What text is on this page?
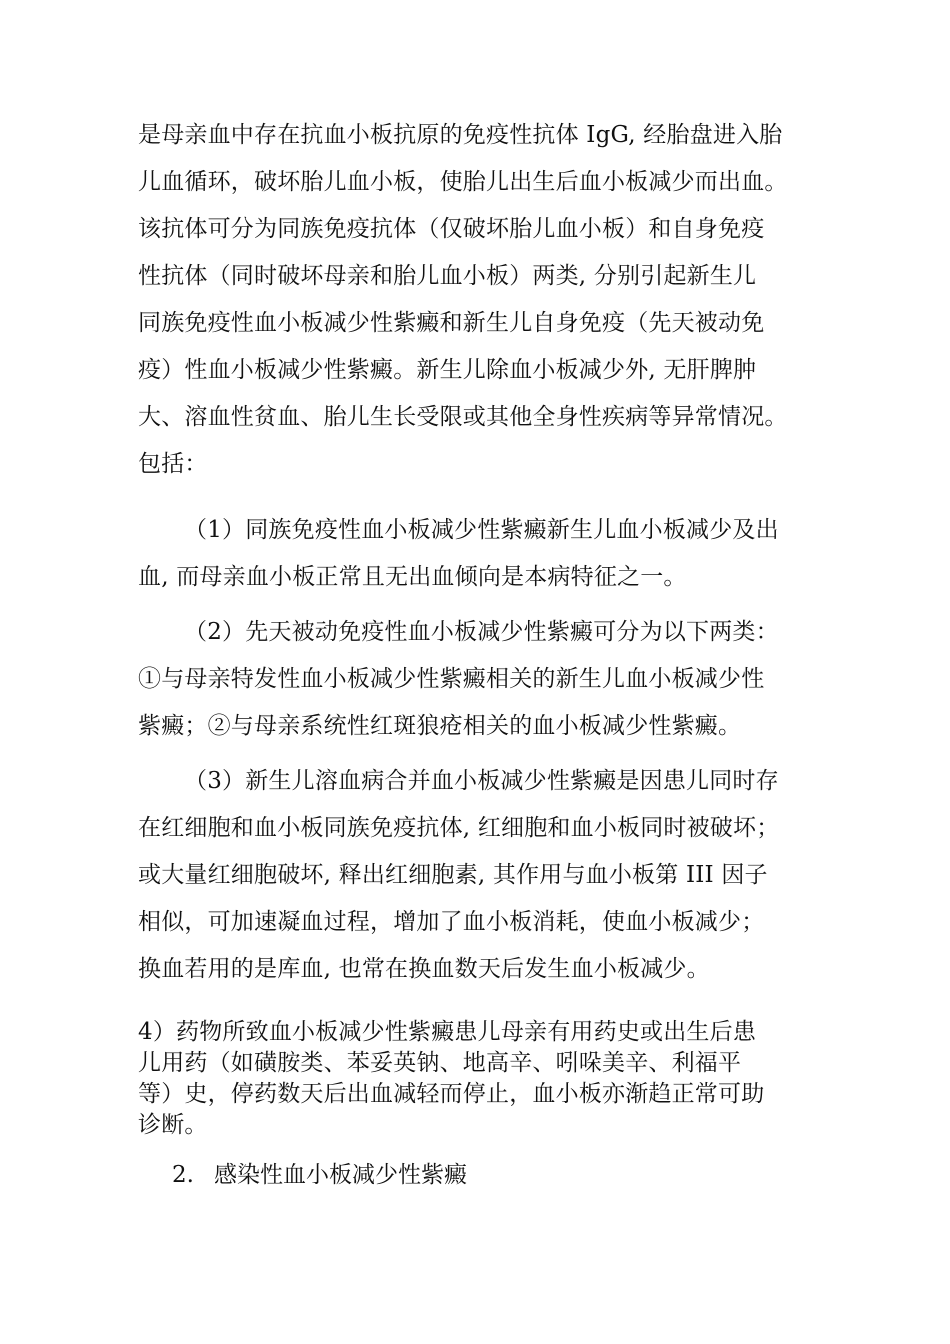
是母亲血中存在抗血小板抗原的免疫性抗体 IgG, 经胎盘进入胎
儿血循环，破坏胎儿血小板，使胎儿出生后血小板减少而出血。
该抗体可分为同族免疫抗体（仅破坏胎儿血小板）和自身免疫
性抗体（同时破坏母亲和胎儿血小板）两类, 分别引起新生儿
同族免疫性血小板减少性紫癜和新生儿自身免疫（先天被动免
疫）性血小板减少性紫癜。新生儿除血小板减少外, 无肝脾肿
大、溶血性贫血、胎儿生长受限或其他全身性疾病等异常情况。
包括：
（1）同族免疫性血小板减少性紫癜新生儿血小板减少及出
血, 而母亲血小板正常且无出血倾向是本病特征之一。
（2）先天被动免疫性血小板减少性紫癜可分为以下两类：
①与母亲特发性血小板减少性紫癜相关的新生儿血小板减少性
紫癜；②与母亲系统性红斑狼疮相关的血小板减少性紫癜。
（3）新生儿溶血病合并血小板减少性紫癜是因患儿同时存
在红细胞和血小板同族免疫抗体, 红细胞和血小板同时被破坏；
或大量红细胞破坏, 释出红细胞素, 其作用与血小板第 III 因子
相似，可加速凝血过程，增加了血小板消耗，使血小板减少；
换血若用的是库血, 也常在换血数天后发生血小板减少。
4）药物所致血小板减少性紫癜患儿母亲有用药史或出生后患
儿用药（如磺胺类、苯妥英钠、地高辛、吲哚美辛、利福平
等）史，停药数天后出血减轻而停止，血小板亦渐趋正常可助
诊断。
2. 感染性血小板减少性紫癜
